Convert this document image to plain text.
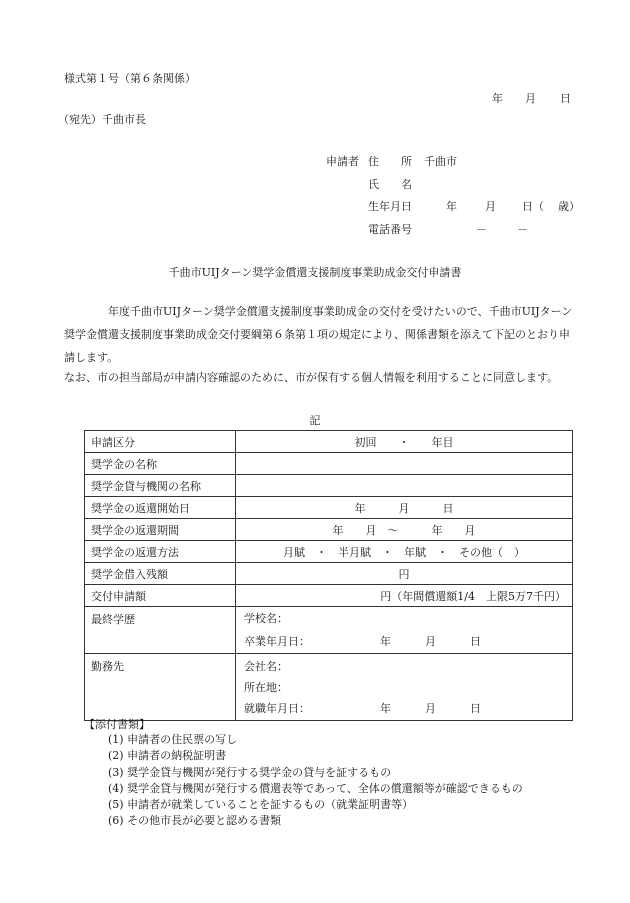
様式第１号（第６条関係）
年 月 日
（宛先）千曲市長
申請者 住　　所 千曲市
氏　　名
生年月日	年	月 日（ 歳）
電話番号	－	－
千曲市UIJターン奨学金償還支援制度事業助成金交付申請書

年度千曲市UIJターン奨学金償還支援制度事業助成金の交付を受けたいので、千曲市UIJターン

奨学金償還支援制度事業助成金交付要綱第６条第１項の規定により、関係書類を添えて下記のとおり申

請します。

なお、市の担当部局が申請内容確認のために、市が保有する個人情報を利用することに同意します。
記
申請区分	初回　　・　　年目
奨学金の名称	
奨学金貸与機関の名称	
奨学金の返還開始日	年　　　月　　　日
奨学金の返還期間	年　　月　～　　　年　　月
奨学金の返還方法	月賦　・　半月賦　・　年賦　・　その他（　）
奨学金借入残額	円
交付申請額	円（年間償還額1/4　上限5万7千円）
最終学歴	学校名：
卒業年月日： 年 月 日

勤務先	会社名：
所在地：
就職年月日： 年 月 日
【添付書類】
(1) 申請者の住民票の写し
(2) 申請者の納税証明書
(3) 奨学金貸与機関が発行する奨学金の貸与を証するもの
(4) 奨学金貸与機関が発行する償還表等であって、全体の償還額等が確認できるもの
(5) 申請者が就業していることを証するもの（就業証明書等）
(6) その他市長が必要と認める書類
